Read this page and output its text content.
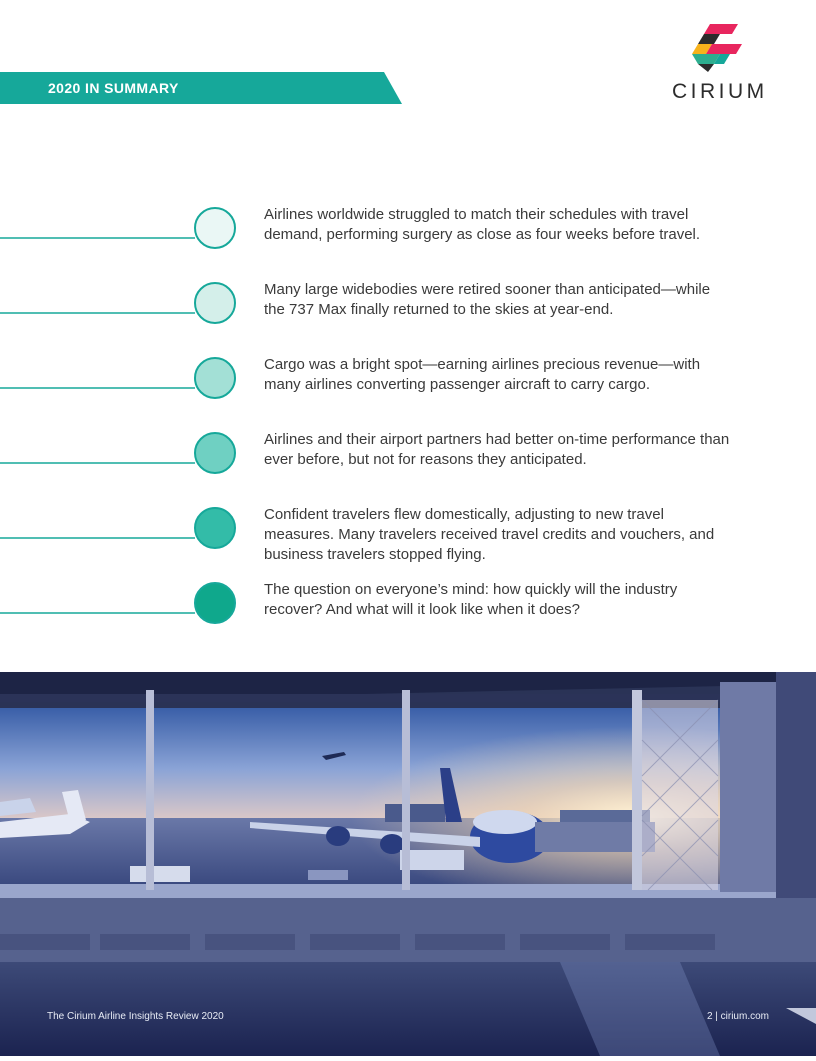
2020 IN SUMMARY	CIRIUM
Airlines worldwide struggled to match their schedules with travel demand, performing surgery as close as four weeks before travel.
Many large widebodies were retired sooner than anticipated—while the 737 Max finally returned to the skies at year-end.
Cargo was a bright spot—earning airlines precious revenue—with many airlines converting passenger aircraft to carry cargo.
Airlines and their airport partners had better on-time performance than ever before, but not for reasons they anticipated.
Confident travelers flew domestically, adjusting to new travel measures. Many travelers received travel credits and vouchers, and business travelers stopped flying.
The question on everyone’s mind: how quickly will the industry recover? And what will it look like when it does?
The Cirium Airline Insights Review 2020	2 | cirium.com
